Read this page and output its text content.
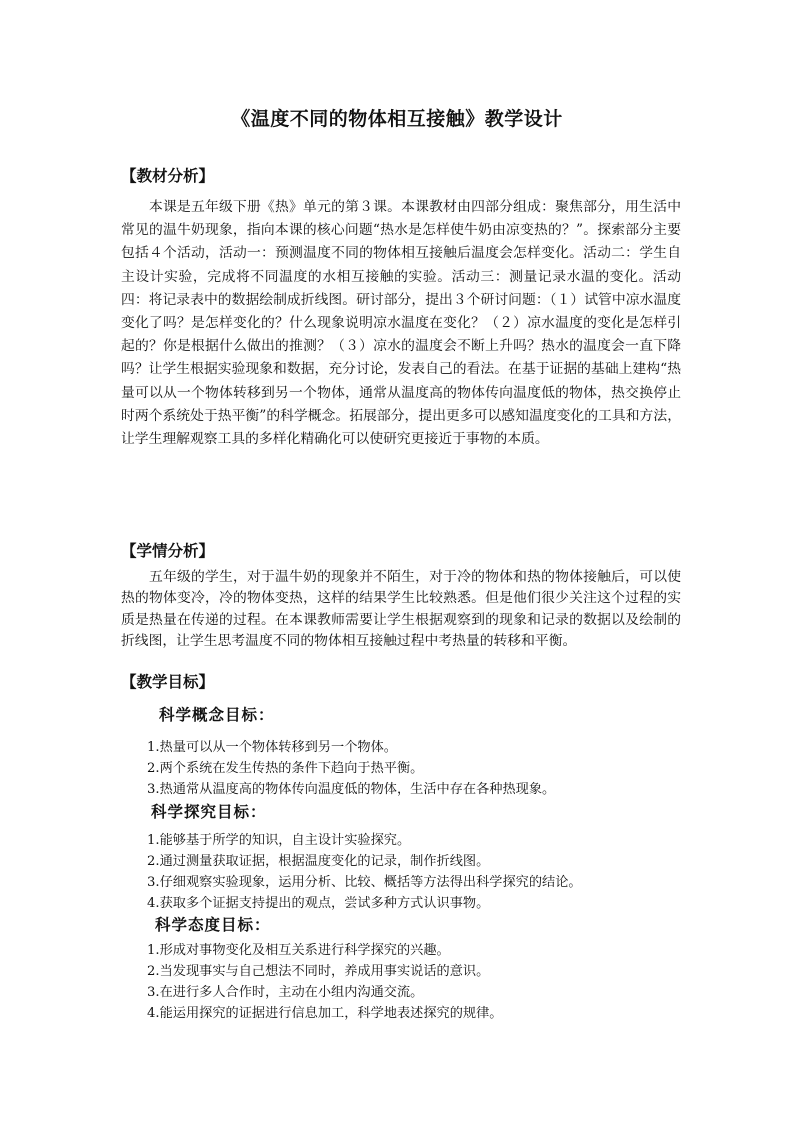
《温度不同的物体相互接触》教学设计
【教材分析】
本课是五年级下册《热》单元的第３课。本课教材由四部分组成：聚焦部分，用生活中常见的温牛奶现象，指向本课的核心问题“热水是怎样使牛奶由凉变热的？”。探索部分主要包括４个活动，活动一：预测温度不同的物体相互接触后温度会怎样变化。活动二：学生自主设计实验，完成将不同温度的水相互接触的实验。活动三：测量记录水温的变化。活动四：将记录表中的数据绘制成折线图。研讨部分，提出３个研讨问题：（１）试管中凉水温度变化了吗？是怎样变化的？什么现象说明凉水温度在变化？（２）凉水温度的变化是怎样引起的？你是根据什么做出的推测？（３）凉水的温度会不断上升吗？热水的温度会一直下降吗？让学生根据实验现象和数据，充分讨论，发表自己的看法。在基于证据的基础上建构“热量可以从一个物体转移到另一个物体，通常从温度高的物体传向温度低的物体，热交换停止时两个系统处于热平衡”的科学概念。拓展部分，提出更多可以感知温度变化的工具和方法，让学生理解观察工具的多样化精确化可以使研究更接近于事物的本质。
【学情分析】
五年级的学生，对于温牛奶的现象并不陌生，对于冷的物体和热的物体接触后，可以使热的物体变冷，冷的物体变热，这样的结果学生比较熟悉。但是他们很少关注这个过程的实质是热量在传递的过程。在本课教师需要让学生根据观察到的现象和记录的数据以及绘制的折线图，让学生思考温度不同的物体相互接触过程中考热量的转移和平衡。
【教学目标】
科学概念目标：
1.热量可以从一个物体转移到另一个物体。
2.两个系统在发生传热的条件下趋向于热平衡。
3.热通常从温度高的物体传向温度低的物体，生活中存在各种热现象。
科学探究目标：
1.能够基于所学的知识，自主设计实验探究。
2.通过测量获取证据，根据温度变化的记录，制作折线图。
3.仔细观察实验现象，运用分析、比较、概括等方法得出科学探究的结论。
4.获取多个证据支持提出的观点，尝试多种方式认识事物。
科学态度目标：
1.形成对事物变化及相互关系进行科学探究的兴趣。
2.当发现事实与自己想法不同时，养成用事实说话的意识。
3.在进行多人合作时，主动在小组内沟通交流。
4.能运用探究的证据进行信息加工，科学地表述探究的规律。
